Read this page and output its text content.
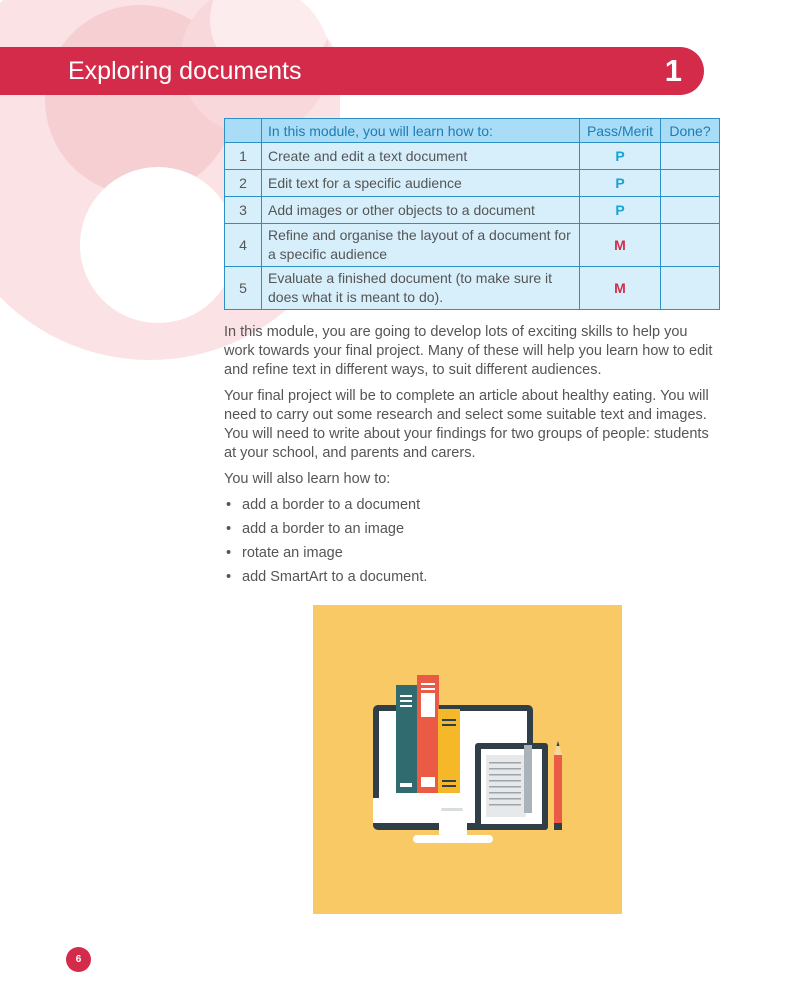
Exploring documents	1
	In this module, you will learn how to:	Pass/Merit	Done?
1	Create and edit a text document	P	
2	Edit text for a specific audience	P	
3	Add images or other objects to a document	P	
4	Refine and organise the layout of a document for a specific audience	M	
5	Evaluate a finished document (to make sure it does what it is meant to do).	M	

In this module, you are going to develop lots of exciting skills to help you work towards your final project. Many of these will help you learn how to edit and refine text in different ways, to suit different audiences.

Your final project will be to complete an article about healthy eating. You will need to carry out some research and select some suitable text and images. You will need to write about your findings for two groups of people: students at your school, and parents and carers.

You will also learn how to:

• add a border to a document
• add a border to an image
• rotate an image
• add SmartArt to a document.
6
